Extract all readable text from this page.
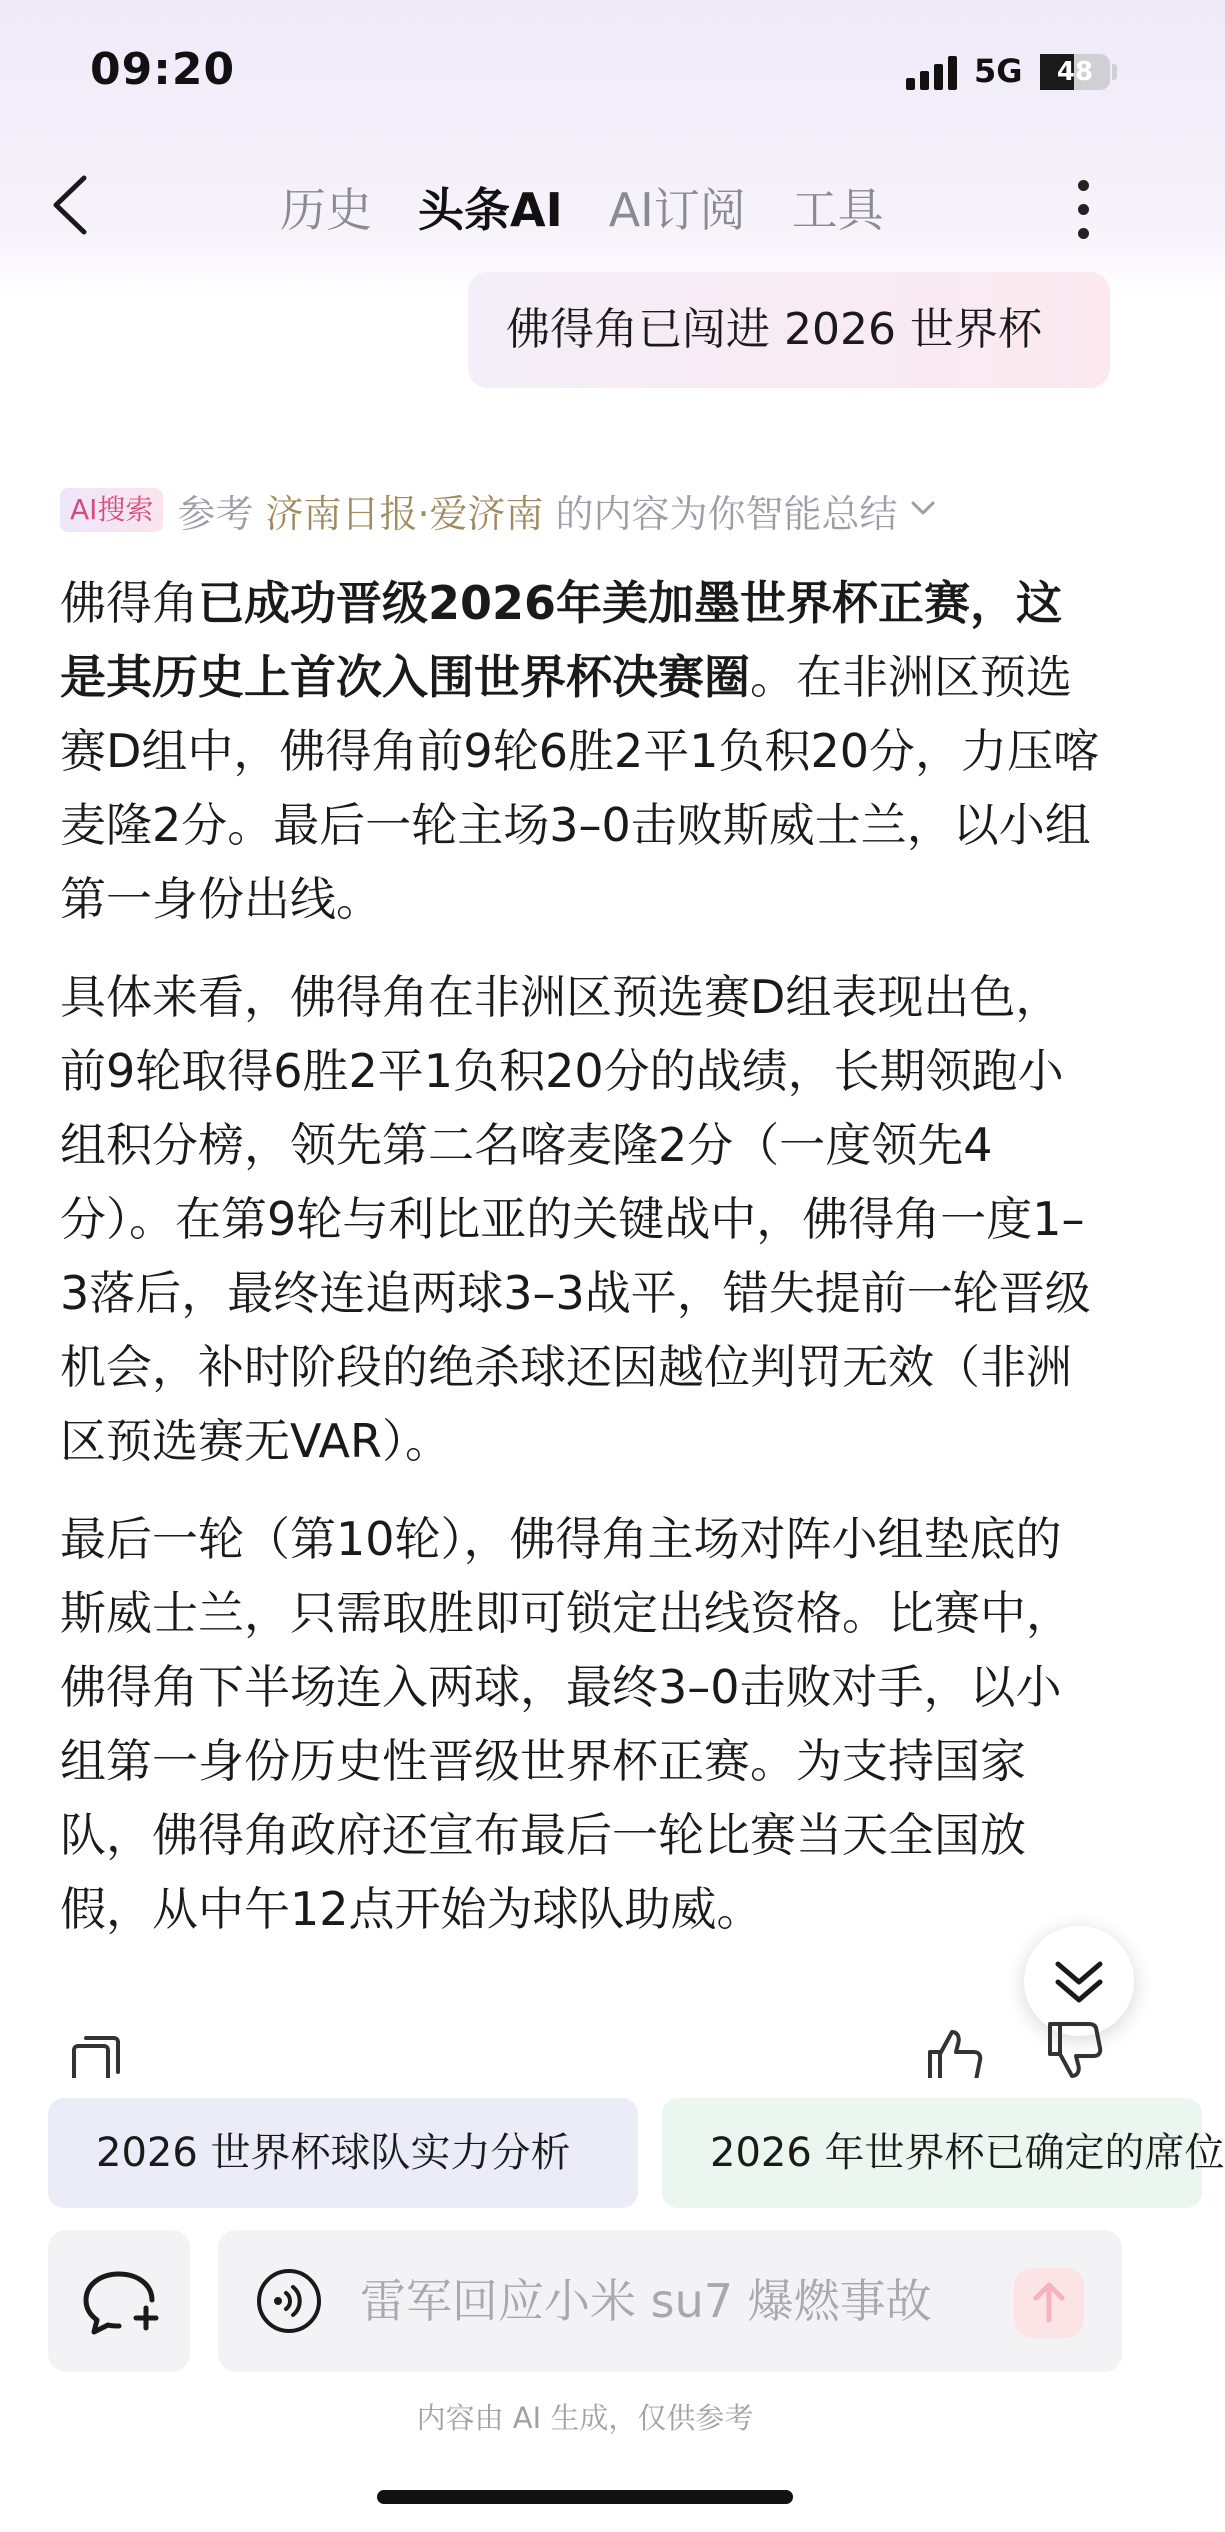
09:20	5G	48
历史 头条AI AI订阅 工具
佛得角已闯进 2026 世界杯
AI搜索 参考 济南日报·爱济南 的内容为你智能总结

佛得角已成功晋级2026年美加墨世界杯正赛，这是其历史上首次入围世界杯决赛圈。在非洲区预选赛D组中，佛得角前9轮6胜2平1负积20分，力压喀麦隆2分。最后一轮主场3–0击败斯威士兰，以小组第一身份出线。

具体来看，佛得角在非洲区预选赛D组表现出色，前9轮取得6胜2平1负积20分的战绩，长期领跑小组积分榜，领先第二名喀麦隆2分（一度领先4分）。在第9轮与利比亚的关键战中，佛得角一度1–3落后，最终连追两球3–3战平，错失提前一轮晋级机会，补时阶段的绝杀球还因越位判罚无效（非洲区预选赛无VAR）。

最后一轮（第10轮），佛得角主场对阵小组垫底的斯威士兰，只需取胜即可锁定出线资格。比赛中，佛得角下半场连入两球，最终3–0击败对手，以小组第一身份历史性晋级世界杯正赛。为支持国家队，佛得角政府还宣布最后一轮比赛当天全国放假，从中午12点开始为球队助威。

2026 世界杯球队实力分析	2026 年世界杯已确定的席位
雷军回应小米 su7 爆燃事故
内容由 AI 生成，仅供参考
